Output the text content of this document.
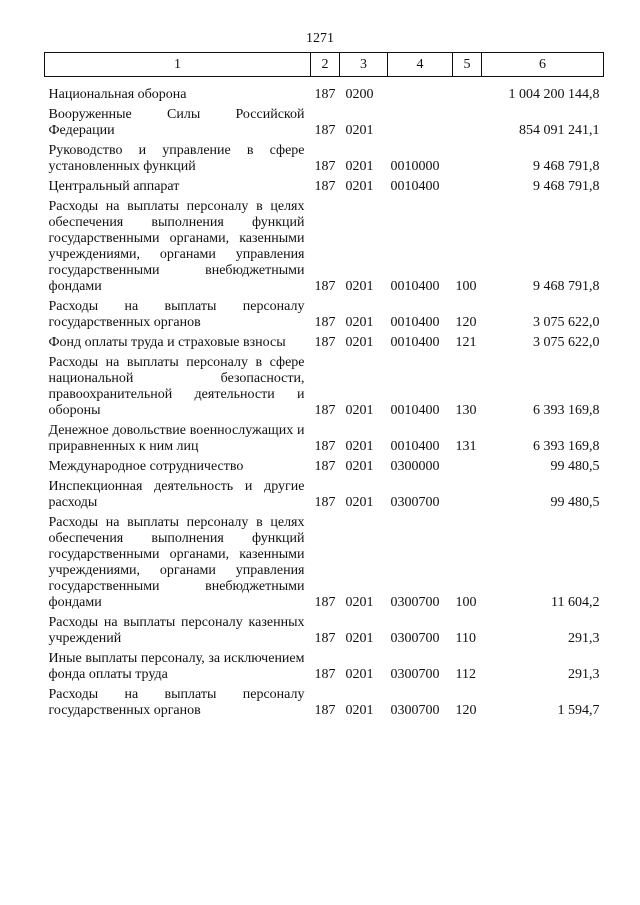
1271
1	2	3	4	5	6
Национальная оборона	187	0200			1 004 200 144,8
Вооруженные Силы Российской Федерации	187	0201			854 091 241,1
Руководство и управление в сфере установленных функций	187	0201	0010000		9 468 791,8
Центральный аппарат	187	0201	0010400		9 468 791,8
Расходы на выплаты персоналу в целях обеспечения выполнения функций государственными органами, казенными учреждениями, органами управления государственными внебюджетными фондами	187	0201	0010400	100	9 468 791,8
Расходы на выплаты персоналу государственных органов	187	0201	0010400	120	3 075 622,0
Фонд оплаты труда и страховые взносы	187	0201	0010400	121	3 075 622,0
Расходы на выплаты персоналу в сфере национальной безопасности, правоохранительной деятельности и обороны	187	0201	0010400	130	6 393 169,8
Денежное довольствие военнослужащих и приравненных к ним лиц	187	0201	0010400	131	6 393 169,8
Международное сотрудничество	187	0201	0300000		99 480,5
Инспекционная деятельность и другие расходы	187	0201	0300700		99 480,5
Расходы на выплаты персоналу в целях обеспечения выполнения функций государственными органами, казенными учреждениями, органами управления государственными внебюджетными фондами	187	0201	0300700	100	11 604,2
Расходы на выплаты персоналу казенных учреждений	187	0201	0300700	110	291,3
Иные выплаты персоналу, за исключением фонда оплаты труда	187	0201	0300700	112	291,3
Расходы на выплаты персоналу государственных органов	187	0201	0300700	120	1 594,7
